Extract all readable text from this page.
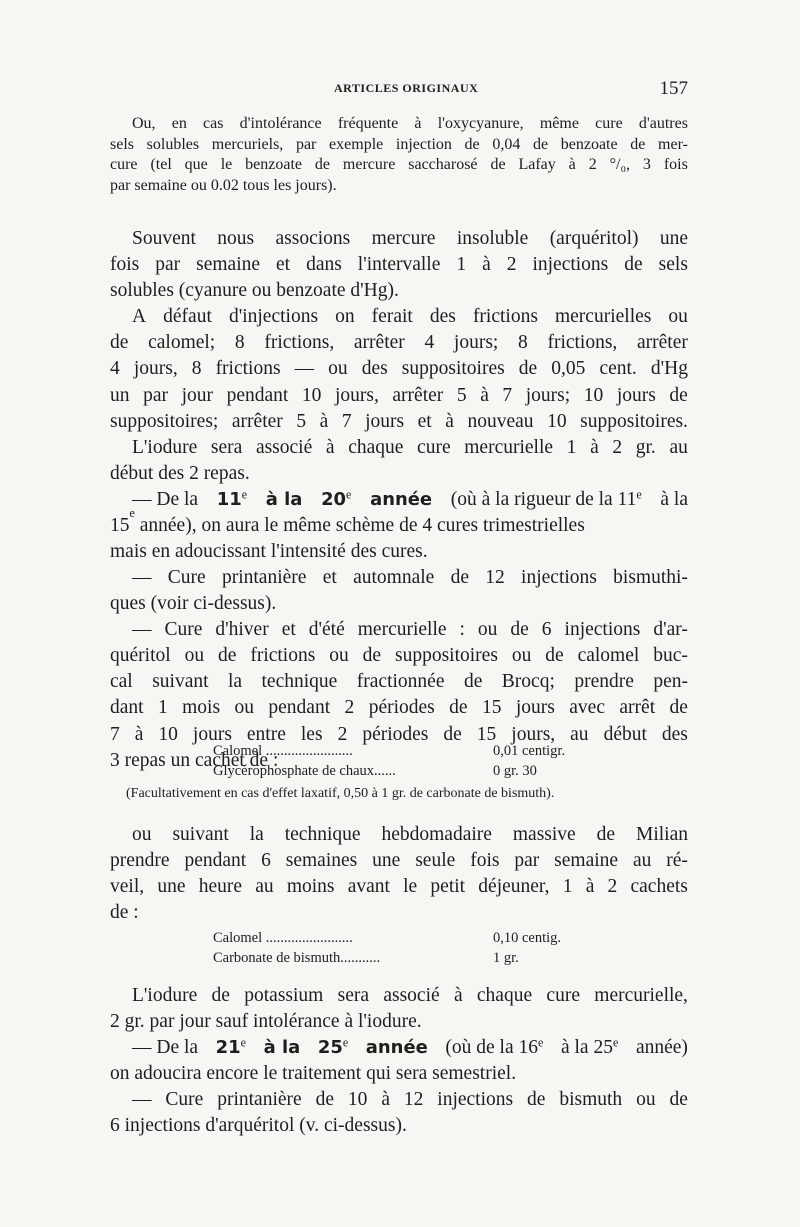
ARTICLES ORIGINAUX	157
Ou, en cas d'intolérance fréquente à l'oxycyanure, même cure d'autres
sels solubles mercuriels, par exemple injection de 0,04 de benzoate de mer-
cure (tel que le benzoate de mercure saccharosé de Lafay à 2 °/₀, 3 fois
par semaine ou 0.02 tous les jours).
Souvent nous associons mercure insoluble (arquéritol) une
fois par semaine et dans l'intervalle 1 à 2 injections de sels
solubles (cyanure ou benzoate d'Hg).
A défaut d'injections on ferait des frictions mercurielles ou
de calomel; 8 frictions, arrêter 4 jours; 8 frictions, arrêter
4 jours, 8 frictions — ou des suppositoires de 0,05 cent. d'Hg
un par jour pendant 10 jours, arrêter 5 à 7 jours; 10 jours de
suppositoires; arrêter 5 à 7 jours et à nouveau 10 suppositoires.
L'iodure sera associé à chaque cure mercurielle 1 à 2 gr. au
début des 2 repas.
— De la 11e à la 20e année (où à la rigueur de la 11e à la
15
e

année), on aura le même schème de 4 cures trimestrielles
mais en adoucissant l'intensité des cures.
— Cure printanière et automnale de 12 injections bismuthi-
ques (voir ci-dessus).
— Cure d'hiver et d'été mercurielle : ou de 6 injections d'ar-
quéritol ou de frictions ou de suppositoires ou de calomel buc-
cal suivant la technique fractionnée de Brocq; prendre pen-
dant 1 mois ou pendant 2 périodes de 15 jours avec arrêt de
7 à 10 jours entre les 2 périodes de 15 jours, au début des
3 repas un cachet de :
Calomel ........................	0,01 centigr.
Glycérophosphate de chaux......	0 gr. 30
(Facultativement en cas d'effet laxatif, 0,50 à 1 gr. de carbonate de bismuth).
ou suivant la technique hebdomadaire massive de Milian
prendre pendant 6 semaines une seule fois par semaine au ré-
veil, une heure au moins avant le petit déjeuner, 1 à 2 cachets
de :
Calomel ........................	0,10 centig.
Carbonate de bismuth...........	1 gr.
L'iodure de potassium sera associé à chaque cure mercurielle,
2 gr. par jour sauf intolérance à l'iodure.
— De la 21e à la 25e année (où de la 16e à la 25e année)
on adoucira encore le traitement qui sera semestriel.
— Cure printanière de 10 à 12 injections de bismuth ou de
6 injections d'arquéritol (v. ci-dessus).
